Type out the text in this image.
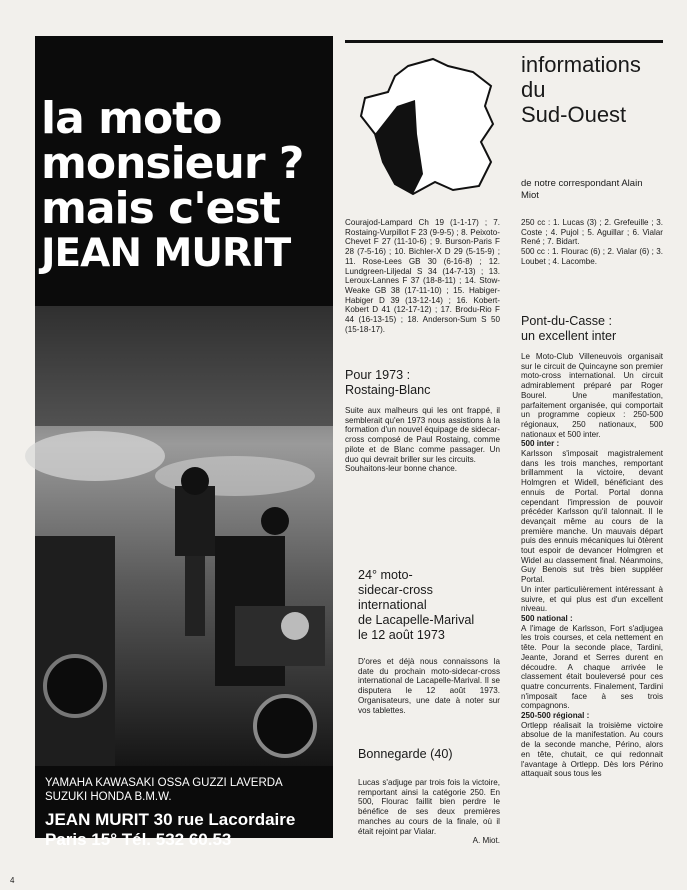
la moto
monsieur ?
mais c'est
JEAN MURIT
YAMAHA KAWASAKI OSSA GUZZI LAVERDA
SUZUKI HONDA B.M.W.
JEAN MURIT 30 rue Lacordaire
Paris 15° Tél. 532 60.53
informations
du
Sud-Ouest
de notre correspondant Alain Miot

Courajod-Lampard Ch 19 (1-1-17) ; 7. Rostaing-Vurpillot F 23 (9-9-5) ; 8. Peixoto-Chevet F 27 (11-10-6) ; 9. Burson-Paris F 28 (7-5-16) ; 10. Bichler-X D 29 (5-15-9) ; 11. Rose-Lees GB 30 (6-16-8) ; 12. Lundgreen-Liljedal S 34 (14-7-13) ; 13. Leroux-Lannes F 37 (18-8-11) ; 14. Stow-Weake GB 38 (17-11-10) ; 15. Habiger-Habiger D 39 (13-12-14) ; 16. Kobert-Kobert D 41 (12-17-12) ; 17. Brodu-Rio F 44 (16-13-15) ; 18. Anderson-Sum S 50 (15-18-17).

Pour 1973 :
Rostaing-Blanc

Suite aux malheurs qui les ont frappé, il semblerait qu'en 1973 nous assistions à la formation d'un nouvel équipage de sidecar-cross composé de Paul Rostaing, comme pilote et de Blanc comme passager. Un duo qui devrait briller sur les circuits.

Souhaitons-leur bonne chance.

24° moto-
sidecar-cross
international
de Lacapelle-Marival
le 12 août 1973

D'ores et déjà nous connaissons la date du prochain moto-sidecar-cross international de Lacapelle-Marival. Il se disputera le 12 août 1973. Organisateurs, une date à noter sur vos tablettes.

Bonnegarde (40)

Lucas s'adjuge par trois fois la victoire, remportant ainsi la catégorie 250. En 500, Flourac faillit bien perdre le bénéfice de ses deux premières manches au cours de la finale, où il était rejoint par Vialar.

A. Miot.

250 cc : 1. Lucas (3) ; 2. Grefeuille ; 3. Coste ; 4. Pujol ; 5. Aguillar ; 6. Vialar René ; 7. Bidart.

500 cc : 1. Flourac (6) ; 2. Vialar (6) ; 3. Loubet ; 4. Lacombe.

Pont-du-Casse :
un excellent inter

Le Moto-Club Villeneuvois organisait sur le circuit de Quincayne son premier moto-cross international. Un circuit admirablement préparé par Roger Bourel. Une manifestation, parfaitement organisée, qui comportait un programme copieux : 250-500 régionaux, 250 nationaux, 500 nationaux et 500 inter.

500 inter :

Karlsson s'imposait magistralement dans les trois manches, remportant brillamment la victoire, devant Holmgren et Widell, bénéficiant des ennuis de Portal. Portal donna cependant l'impression de pouvoir précéder Karlsson qu'il talonnait. Il le devançait même au cours de la première manche. Un mauvais départ puis des ennuis mécaniques lui ôtèrent tout espoir de devancer Holmgren et Widel au classement final. Néanmoins, Guy Benois sut très bien suppléer Portal.

Un inter particulièrement intéressant à suivre, et qui plus est d'un excellent niveau.

500 national :

A l'image de Karlsson, Fort s'adjugea les trois courses, et cela nettement en tête. Pour la seconde place, Tardini, Jeante, Jorand et Serres durent en découdre. A chaque arrivée le classement était bouleversé pour ces quatre concurrents. Finalement, Tardini n'imposait face à ses trois compagnons.

250-500 régional :

Ortlepp réalisait la troisième victoire absolue de la manifestation. Au cours de la seconde manche, Périno, alors en tête, chutait, ce qui redonnait l'avantage à Ortlepp. Dès lors Périno attaquait sous tous les

4
